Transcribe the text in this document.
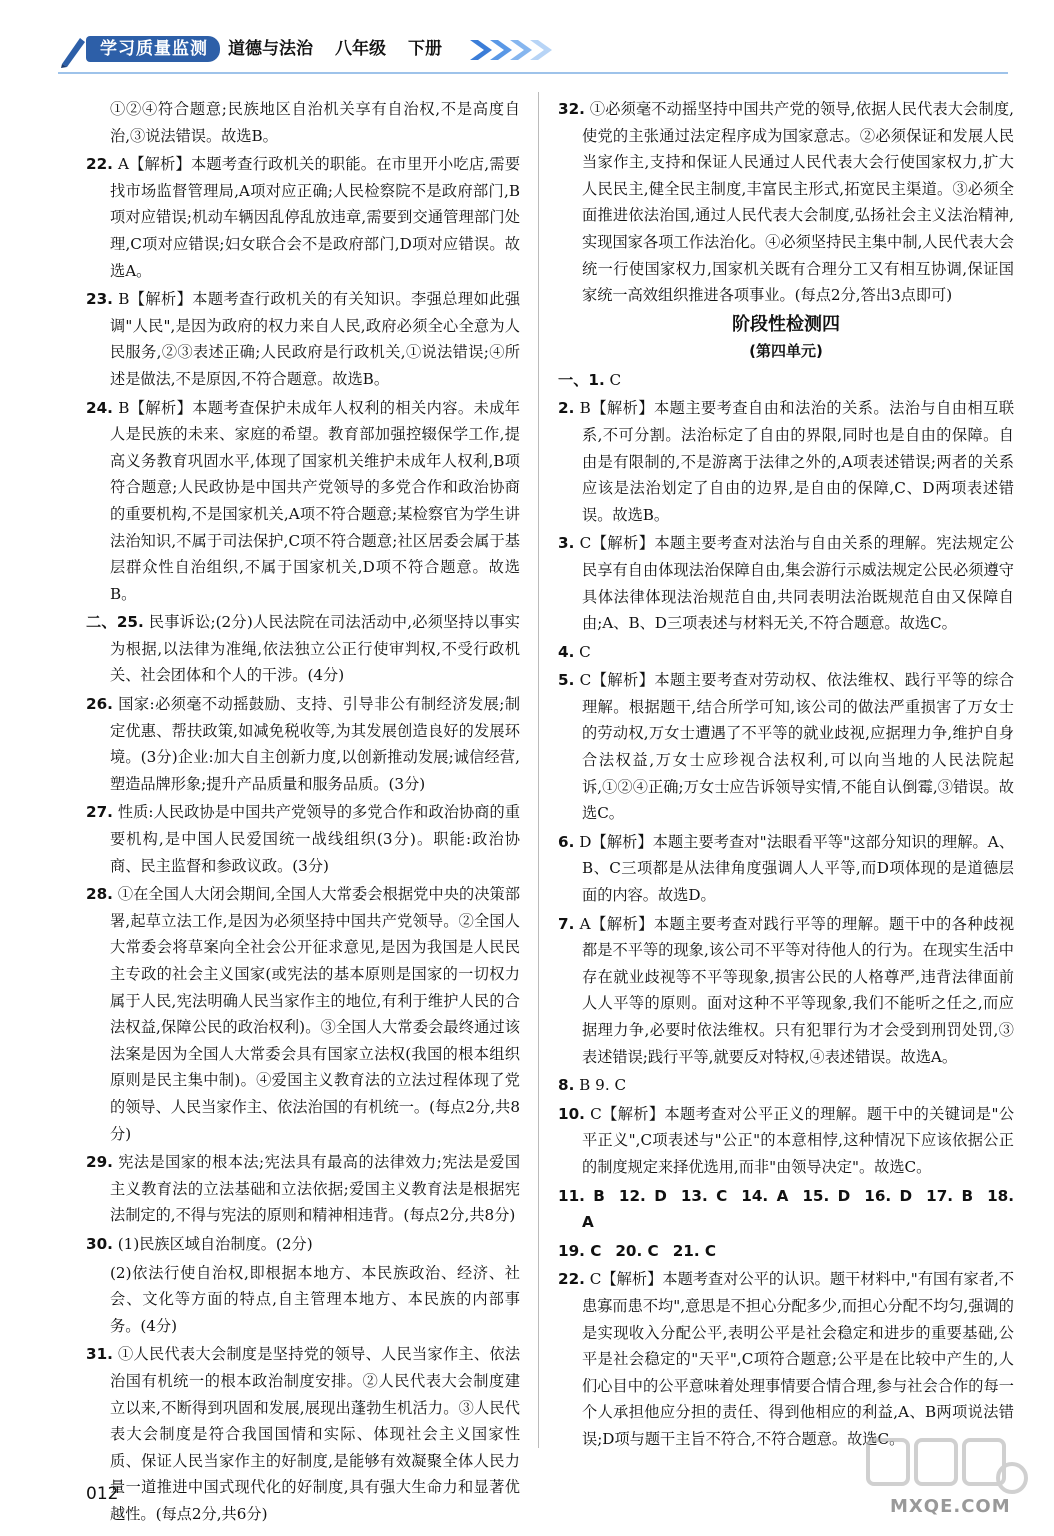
学习质量监测	道德与法治 八年级 下册

①②④符合题意;民族地区自治机关享有自治权,不是高度自治,③说法错误。故选B。

22. A【解析】本题考查行政机关的职能。在市里开小吃店,需要找市场监督管理局,A项对应正确;人民检察院不是政府部门,B项对应错误;机动车辆因乱停乱放违章,需要到交通管理部门处理,C项对应错误;妇女联合会不是政府部门,D项对应错误。故选A。

23. B【解析】本题考查行政机关的有关知识。李强总理如此强调"人民",是因为政府的权力来自人民,政府必须全心全意为人民服务,②③表述正确;人民政府是行政机关,①说法错误;④所述是做法,不是原因,不符合题意。故选B。

24. B【解析】本题考查保护未成年人权利的相关内容。未成年人是民族的未来、家庭的希望。教育部加强控辍保学工作,提高义务教育巩固水平,体现了国家机关维护未成年人权利,B项符合题意;人民政协是中国共产党领导的多党合作和政治协商的重要机构,不是国家机关,A项不符合题意;某检察官为学生讲法治知识,不属于司法保护,C项不符合题意;社区居委会属于基层群众性自治组织,不属于国家机关,D项不符合题意。故选B。

二、25. 民事诉讼;(2分)人民法院在司法活动中,必须坚持以事实为根据,以法律为准绳,依法独立公正行使审判权,不受行政机关、社会团体和个人的干涉。(4分)

26. 国家:必须毫不动摇鼓励、支持、引导非公有制经济发展;制定优惠、帮扶政策,如减免税收等,为其发展创造良好的发展环境。(3分)企业:加大自主创新力度,以创新推动发展;诚信经营,塑造品牌形象;提升产品质量和服务品质。(3分)

27. 性质:人民政协是中国共产党领导的多党合作和政治协商的重要机构,是中国人民爱国统一战线组织(3分)。职能:政治协商、民主监督和参政议政。(3分)

28. ①在全国人大闭会期间,全国人大常委会根据党中央的决策部署,起草立法工作,是因为必须坚持中国共产党领导。②全国人大常委会将草案向全社会公开征求意见,是因为我国是人民民主专政的社会主义国家(或宪法的基本原则是国家的一切权力属于人民,宪法明确人民当家作主的地位,有利于维护人民的合法权益,保障公民的政治权利)。③全国人大常委会最终通过该法案是因为全国人大常委会具有国家立法权(我国的根本组织原则是民主集中制)。④爱国主义教育法的立法过程体现了党的领导、人民当家作主、依法治国的有机统一。(每点2分,共8分)

29. 宪法是国家的根本法;宪法具有最高的法律效力;宪法是爱国主义教育法的立法基础和立法依据;爱国主义教育法是根据宪法制定的,不得与宪法的原则和精神相违背。(每点2分,共8分)

30. (1)民族区域自治制度。(2分)

(2)依法行使自治权,即根据本地方、本民族政治、经济、社会、文化等方面的特点,自主管理本地方、本民族的内部事务。(4分)

31. ①人民代表大会制度是坚持党的领导、人民当家作主、依法治国有机统一的根本政治制度安排。②人民代表大会制度建立以来,不断得到巩固和发展,展现出蓬勃生机活力。③人民代表大会制度是符合我国国情和实际、体现社会主义国家性质、保证人民当家作主的好制度,是能够有效凝聚全体人民力量一道推进中国式现代化的好制度,具有强大生命力和显著优越性。(每点2分,共6分)

32. ①必须毫不动摇坚持中国共产党的领导,依据人民代表大会制度,使党的主张通过法定程序成为国家意志。②必须保证和发展人民当家作主,支持和保证人民通过人民代表大会行使国家权力,扩大人民民主,健全民主制度,丰富民主形式,拓宽民主渠道。③必须全面推进依法治国,通过人民代表大会制度,弘扬社会主义法治精神,实现国家各项工作法治化。④必须坚持民主集中制,人民代表大会统一行使国家权力,国家机关既有合理分工又有相互协调,保证国家统一高效组织推进各项事业。(每点2分,答出3点即可)

阶段性检测四
(第四单元)

一、1. C

2. B【解析】本题主要考查自由和法治的关系。法治与自由相互联系,不可分割。法治标定了自由的界限,同时也是自由的保障。自由是有限制的,不是游离于法律之外的,A项表述错误;两者的关系应该是法治划定了自由的边界,是自由的保障,C、D两项表述错误。故选B。

3. C【解析】本题主要考查对法治与自由关系的理解。宪法规定公民享有自由体现法治保障自由,集会游行示威法规定公民必须遵守具体法律体现法治规范自由,共同表明法治既规范自由又保障自由;A、B、D三项表述与材料无关,不符合题意。故选C。

4. C

5. C【解析】本题主要考查对劳动权、依法维权、践行平等的综合理解。根据题干,结合所学可知,该公司的做法严重损害了万女士的劳动权,万女士遭遇了不平等的就业歧视,应据理力争,维护自身合法权益,万女士应珍视合法权利,可以向当地的人民法院起诉,①②④正确;万女士应告诉领导实情,不能自认倒霉,③错误。故选C。

6. D【解析】本题主要考查对"法眼看平等"这部分知识的理解。A、B、C三项都是从法律角度强调人人平等,而D项体现的是道德层面的内容。故选D。

7. A【解析】本题主要考查对践行平等的理解。题干中的各种歧视都是不平等的现象,该公司不平等对待他人的行为。在现实生活中存在就业歧视等不平等现象,损害公民的人格尊严,违背法律面前人人平等的原则。面对这种不平等现象,我们不能听之任之,而应据理力争,必要时依法维权。只有犯罪行为才会受到刑罚处罚,③表述错误;践行平等,就要反对特权,④表述错误。故选A。

8. B 9. C

10. C【解析】本题考查对公平正义的理解。题干中的关键词是"公平正义",C项表述与"公正"的本意相悖,这种情况下应该依据公正的制度规定来择优选用,而非"由领导决定"。故选C。

11. B 12. D 13. C 14. A 15. D 16. D 17. B 18. A

19. C 20. C 21. C

22. C【解析】本题考查对公平的认识。题干材料中,"有国有家者,不患寡而患不均",意思是不担心分配多少,而担心分配不均匀,强调的是实现收入分配公平,表明公平是社会稳定和进步的重要基础,公平是社会稳定的"天平",C项符合题意;公平是在比较中产生的,人们心目中的公平意味着处理事情要合情合理,参与社会合作的每一个人承担他应分担的责任、得到他相应的利益,A、B两项说法错误;D项与题干主旨不符合,不符合题意。故选C。

012
MXQE.COM
